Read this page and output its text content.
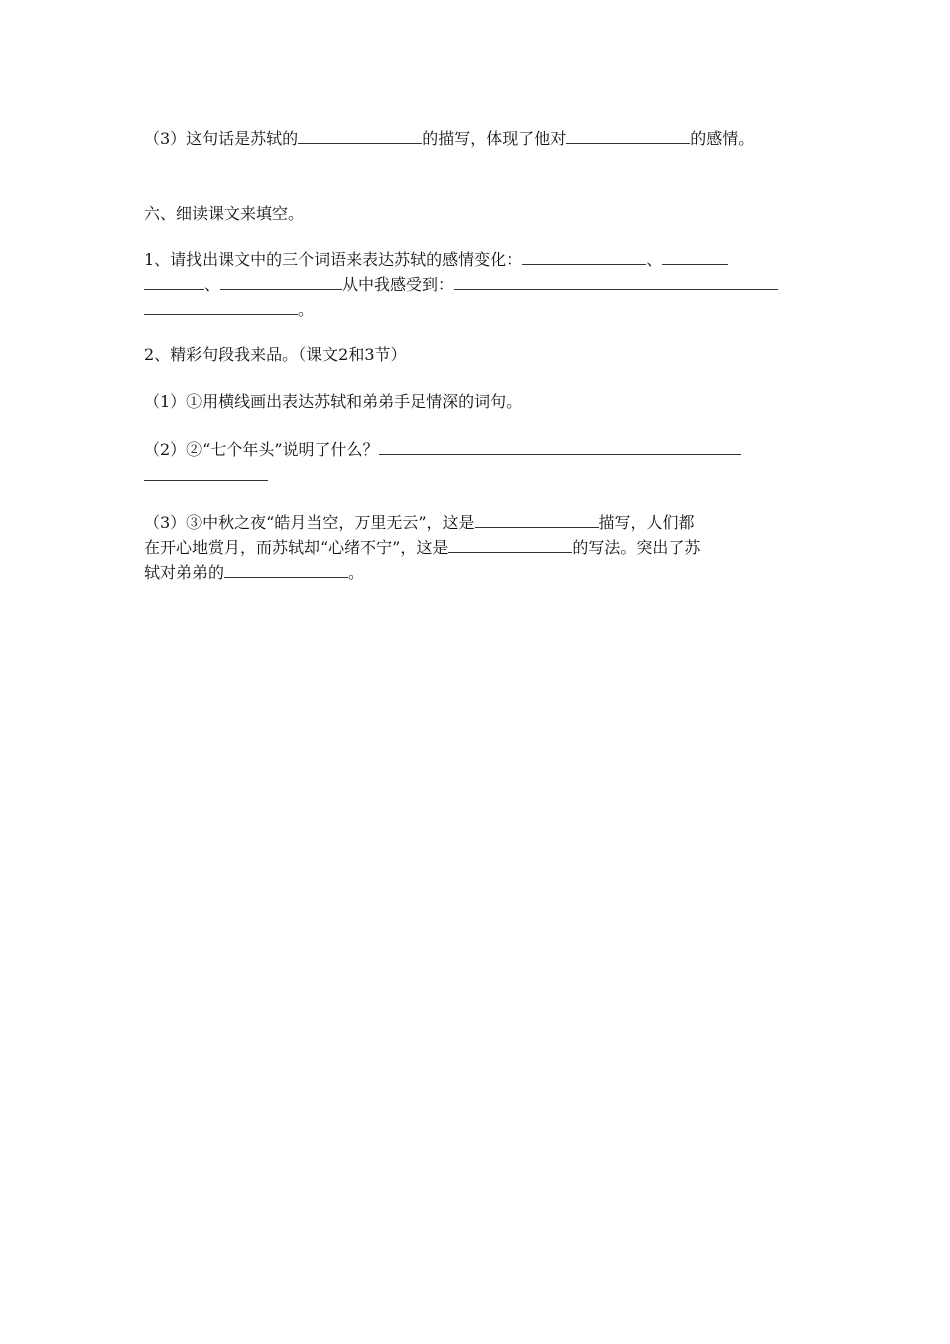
（3）这句话是苏轼的	的描写，体现了他对	的感情。
六、细读课文来填空。
1、请找出课文中的三个词语来表达苏轼的感情变化：	、
、	从中我感受到：
。
2、精彩句段我来品。（课文2和3节）
（1）①用横线画出表达苏轼和弟弟手足情深的词句。
（2）②“七个年头”说明了什么？
（3）③中秋之夜“皓月当空，万里无云”，这是	描写，人们都
在开心地赏月，而苏轼却“心绪不宁”，这是	的写法。突出了苏
轼对弟弟的	。
